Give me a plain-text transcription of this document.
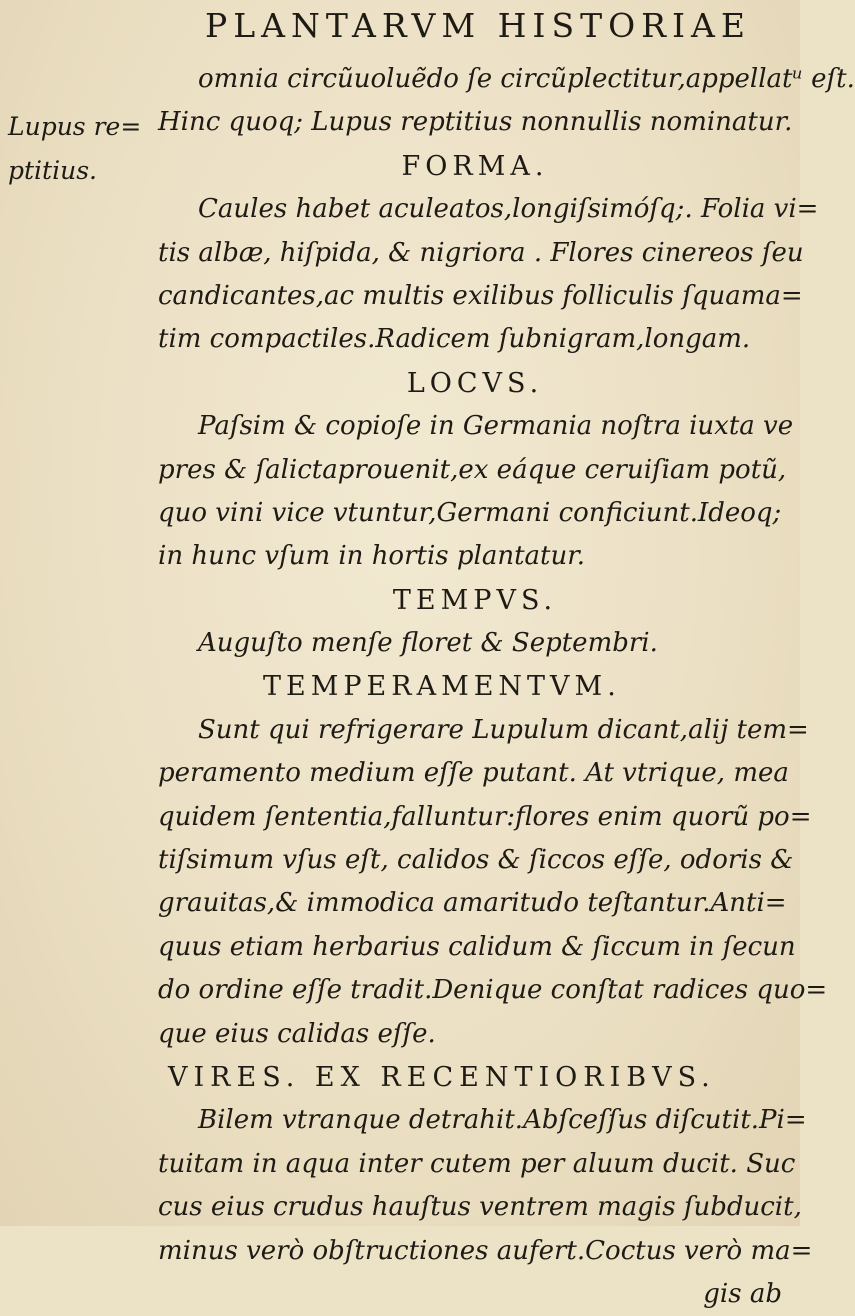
PLANTARVM HISTORIAE
Lupus re=
ptitius.
omnia circũuoluẽdo ſe circũplectitur,appellatᵘ eſt.
Hinc quoq; Lupus reptitius nonnullis nominatur.
FORMA.
Caules habet aculeatos,longiſsimóſq;. Folia vi=
tis albæ, hiſpida, & nigriora . Flores cinereos ſeu
candicantes,ac multis exilibus folliculis ſquama=
tim compactiles.Radicem ſubnigram,longam.
LOCVS.
Paſsim & copioſe in Germania noſtra iuxta ve
pres & ſalictaprouenit,ex eáque ceruiſiam potũ,
quo vini vice vtuntur,Germani conficiunt.Ideoq;
in hunc vſum in hortis plantatur.
TEMPVS.
Auguſto menſe floret & Septembri.
TEMPERAMENTVM.
Sunt qui refrigerare Lupulum dicant,alij tem=
peramento medium eſſe putant. At vtrique, mea
quidem ſententia,falluntur:flores enim quorũ po=
tiſsimum vſus eſt, calidos & ſiccos eſſe, odoris &
grauitas,& immodica amaritudo teſtantur.Anti=
quus etiam herbarius calidum & ſiccum in ſecun
do ordine eſſe tradit.Denique conſtat radices quo=
que eius calidas eſſe.
VIRES. EX RECENTIORIBVS.
Bilem vtranque detrahit.Abſceſſus diſcutit.Pi=
tuitam in aqua inter cutem per aluum ducit. Suc
cus eius crudus hauſtus ventrem magis ſubducit,
minus verò obſtructiones aufert.Coctus verò ma=
gis ab
